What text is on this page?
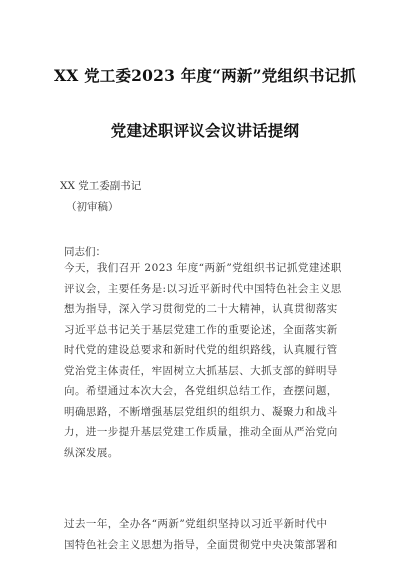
XX 党工委2023 年度“两新”党组织书记抓
党建述职评议会议讲话提纲
XX 党工委副书记
（初审稿）
同志们：
今天，我们召开 2023 年度“两新”党组织书记抓党建述职
评议会，主要任务是:以习近平新时代中国特色社会主义思
想为指导，深入学习贯彻党的二十大精神，认真贯彻落实
习近平总书记关于基层党建工作的重要论述，全面落实新
时代党的建设总要求和新时代党的组织路线，认真履行管
党治党主体责任，牢固树立大抓基层、大抓支部的鲜明导
向。希望通过本次大会，各党组织总结工作，查摆问题，
明确思路，不断增强基层党组织的组织力、凝聚力和战斗
力，进一步提升基层党建工作质量，推动全面从严治党向
纵深发展。
过去一年，全办各“两新”党组织坚持以习近平新时代中
国特色社会主义思想为指导，全面贯彻党中央决策部署和
